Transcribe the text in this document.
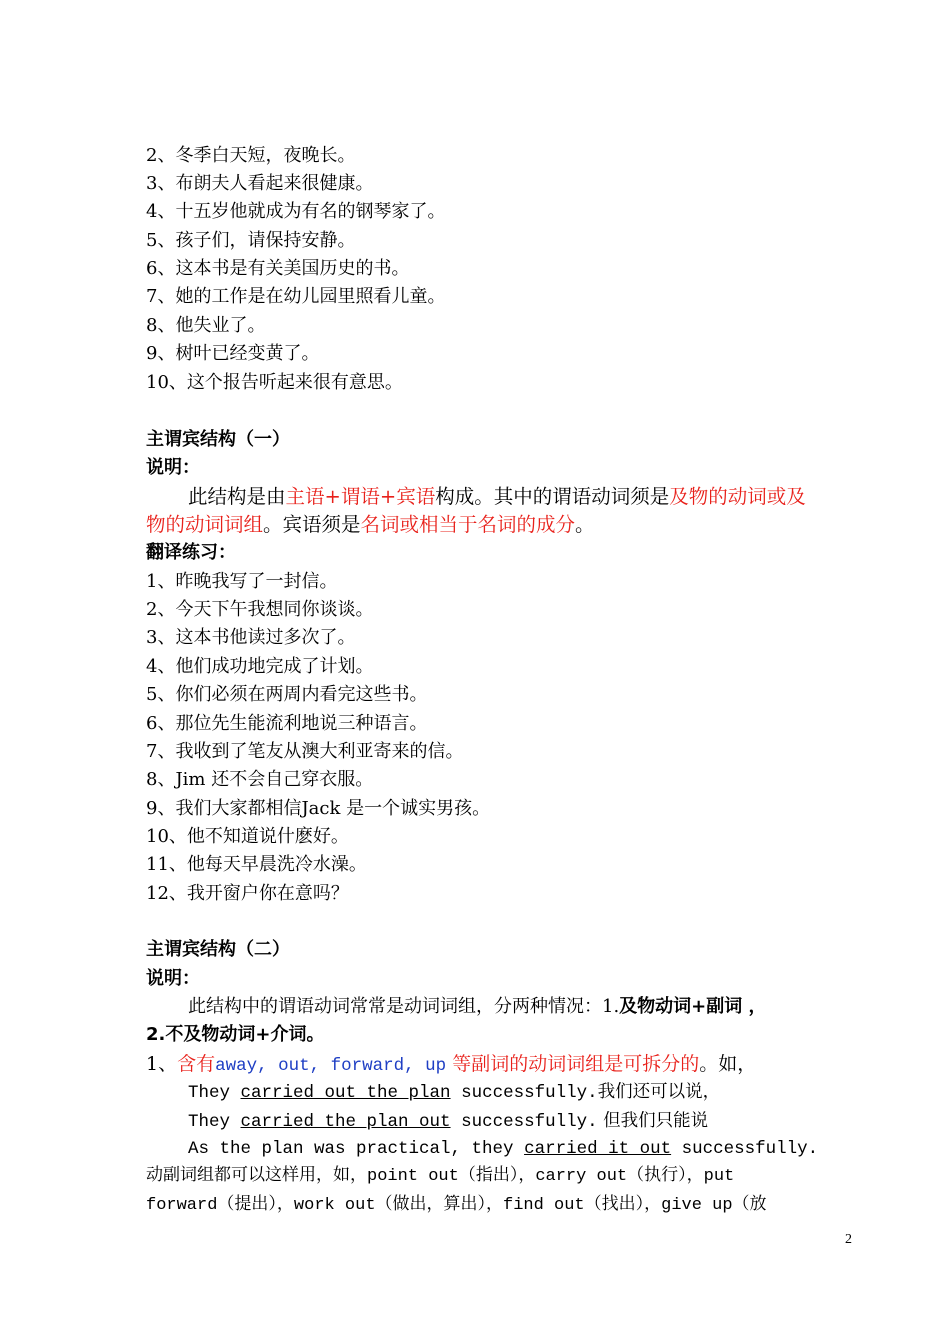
2、冬季白天短，夜晚长。
3、布朗夫人看起来很健康。
4、十五岁他就成为有名的钢琴家了。
5、孩子们，请保持安静。
6、这本书是有关美国历史的书。
7、她的工作是在幼儿园里照看儿童。
8、他失业了。
9、树叶已经变黄了。
10、这个报告听起来很有意思。
主谓宾结构（一）
说明：
此结构是由主语+谓语+宾语构成。其中的谓语动词须是及物的动词或及
物的动词词组。宾语须是名词或相当于名词的成分。
翻译练习：
1、昨晚我写了一封信。
2、今天下午我想同你谈谈。
3、这本书他读过多次了。
4、他们成功地完成了计划。
5、你们必须在两周内看完这些书。
6、那位先生能流利地说三种语言。
7、我收到了笔友从澳大利亚寄来的信。
8、Jim 还不会自己穿衣服。
9、我们大家都相信Jack 是一个诚实男孩。
10、他不知道说什麽好。
11、他每天早晨洗冷水澡。
12、我开窗户你在意吗？
主谓宾结构（二）
说明：
此结构中的谓语动词常常是动词词组，分两种情况：1.及物动词+副词 ，
2.不及物动词+介词。
1、含有away, out, forward, up 等副词的动词词组是可拆分的。如，
They carried out the plan successfully.我们还可以说，
They carried the plan out successfully. 但我们只能说
As the plan was practical, they carried it out successfully.
动副词组都可以这样用，如，point out（指出），carry out（执行），put
forward（提出），work out（做出，算出），find out（找出），give up（放
2
